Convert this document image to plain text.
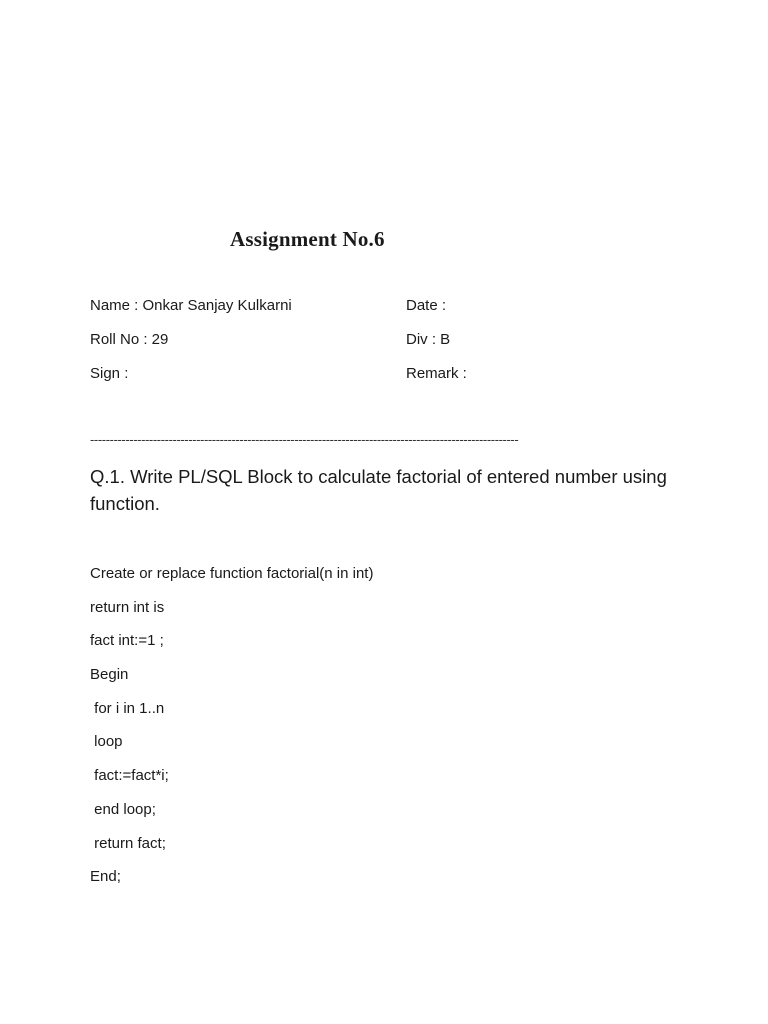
Assignment No.6
Name : Onkar Sanjay Kulkarni	Date :
Roll No : 29	Div : B
Sign :	Remark :
-------------------------------------------------------------------------------------------------------------
Q.1. Write PL/SQL Block to calculate factorial of entered number using function.
Create or replace function factorial(n in int)
return int is
fact int:=1 ;
Begin
for i in 1..n
loop
fact:=fact*i;
end loop;
return fact;
End;
